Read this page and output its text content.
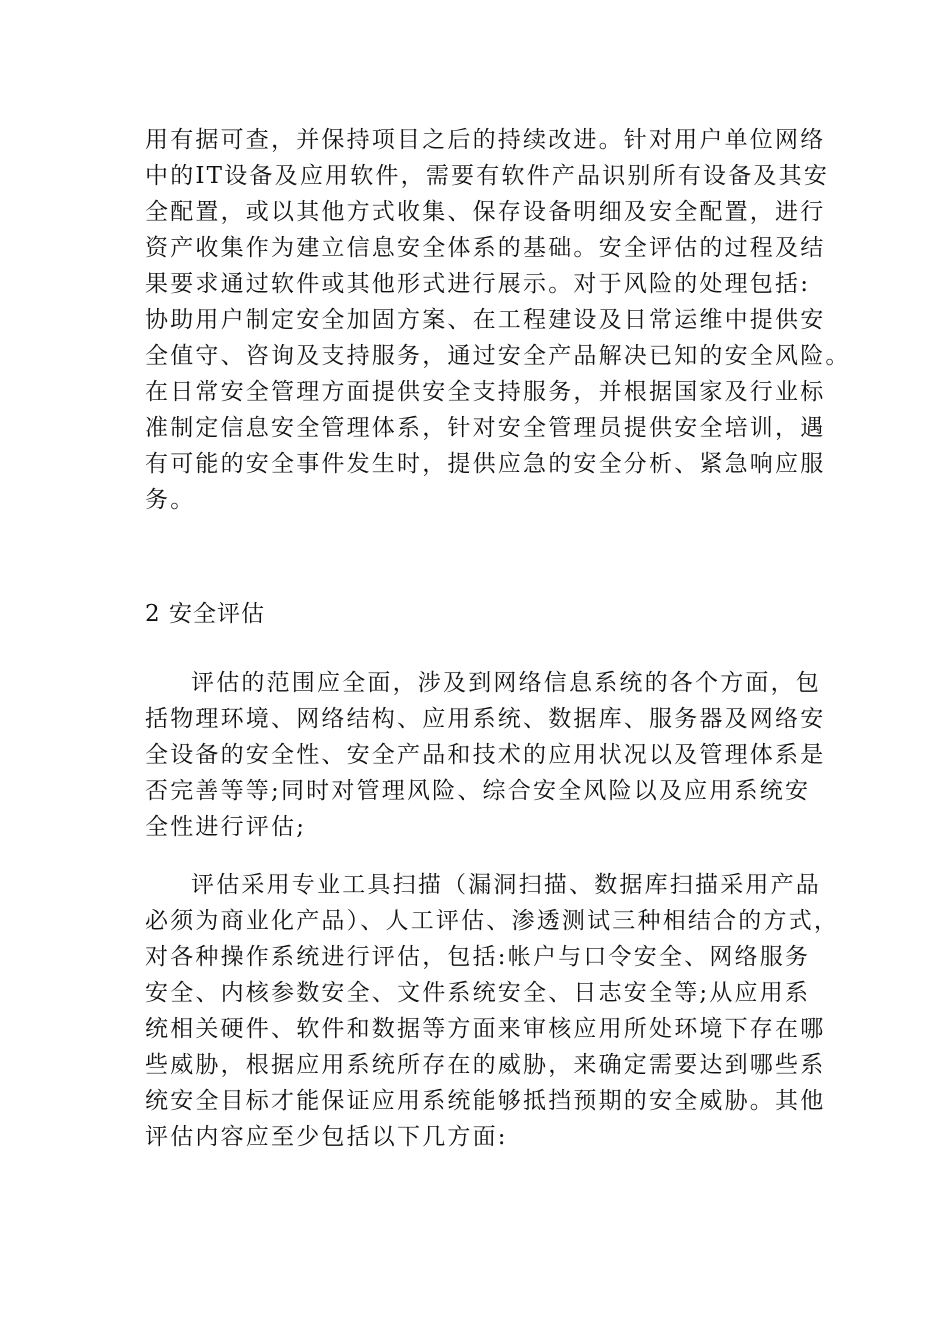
用有据可查，并保持项目之后的持续改进。针对用户单位网络
中的IT设备及应用软件，需要有软件产品识别所有设备及其安
全配置，或以其他方式收集、保存设备明细及安全配置，进行
资产收集作为建立信息安全体系的基础。安全评估的过程及结
果要求通过软件或其他形式进行展示。对于风险的处理包括:
协助用户制定安全加固方案、在工程建设及日常运维中提供安
全值守、咨询及支持服务，通过安全产品解决已知的安全风险。
在日常安全管理方面提供安全支持服务，并根据国家及行业标
准制定信息安全管理体系，针对安全管理员提供安全培训，遇
有可能的安全事件发生时，提供应急的安全分析、紧急响应服
务。
2 安全评估
评估的范围应全面，涉及到网络信息系统的各个方面，包
括物理环境、网络结构、应用系统、数据库、服务器及网络安
全设备的安全性、安全产品和技术的应用状况以及管理体系是
否完善等等;同时对管理风险、综合安全风险以及应用系统安
全性进行评估;
评估采用专业工具扫描（漏洞扫描、数据库扫描采用产品
必须为商业化产品）、人工评估、渗透测试三种相结合的方式，
对各种操作系统进行评估，包括:帐户与口令安全、网络服务
安全、内核参数安全、文件系统安全、日志安全等;从应用系
统相关硬件、软件和数据等方面来审核应用所处环境下存在哪
些威胁，根据应用系统所存在的威胁，来确定需要达到哪些系
统安全目标才能保证应用系统能够抵挡预期的安全威胁。其他
评估内容应至少包括以下几方面:
